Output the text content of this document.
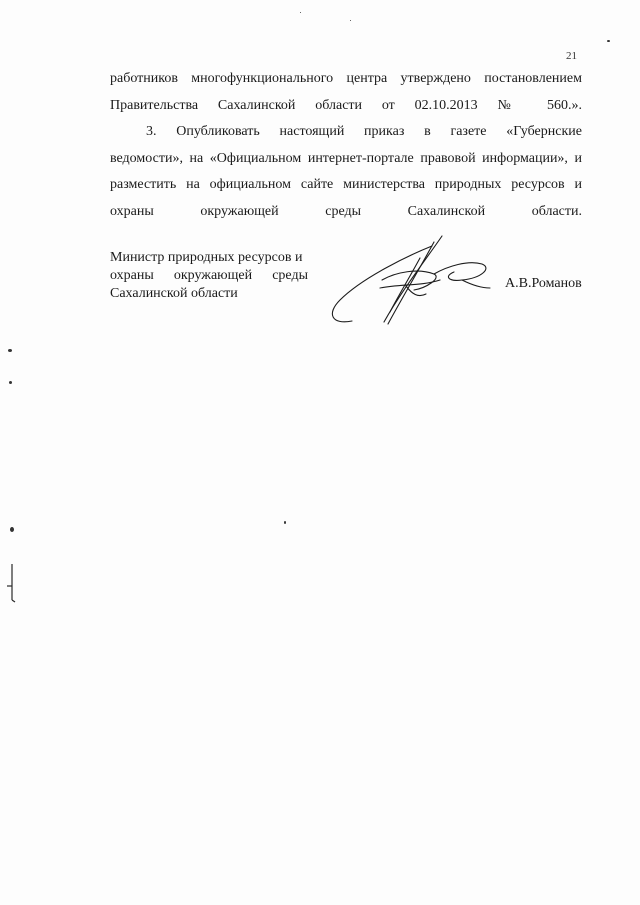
21
работников многофункционального центра утверждено постановлением
Правительства Сахалинской области от 02.10.2013 № 560.».
3. Опубликовать настоящий приказ в газете «Губернские
ведомости», на «Официальном интернет-портале правовой информации», и
разместить на официальном сайте министерства природных ресурсов и
охраны окружающей среды Сахалинской области.
Министр природных ресурсов и
охраны окружающей среды
Сахалинской области
А.В.Романов
